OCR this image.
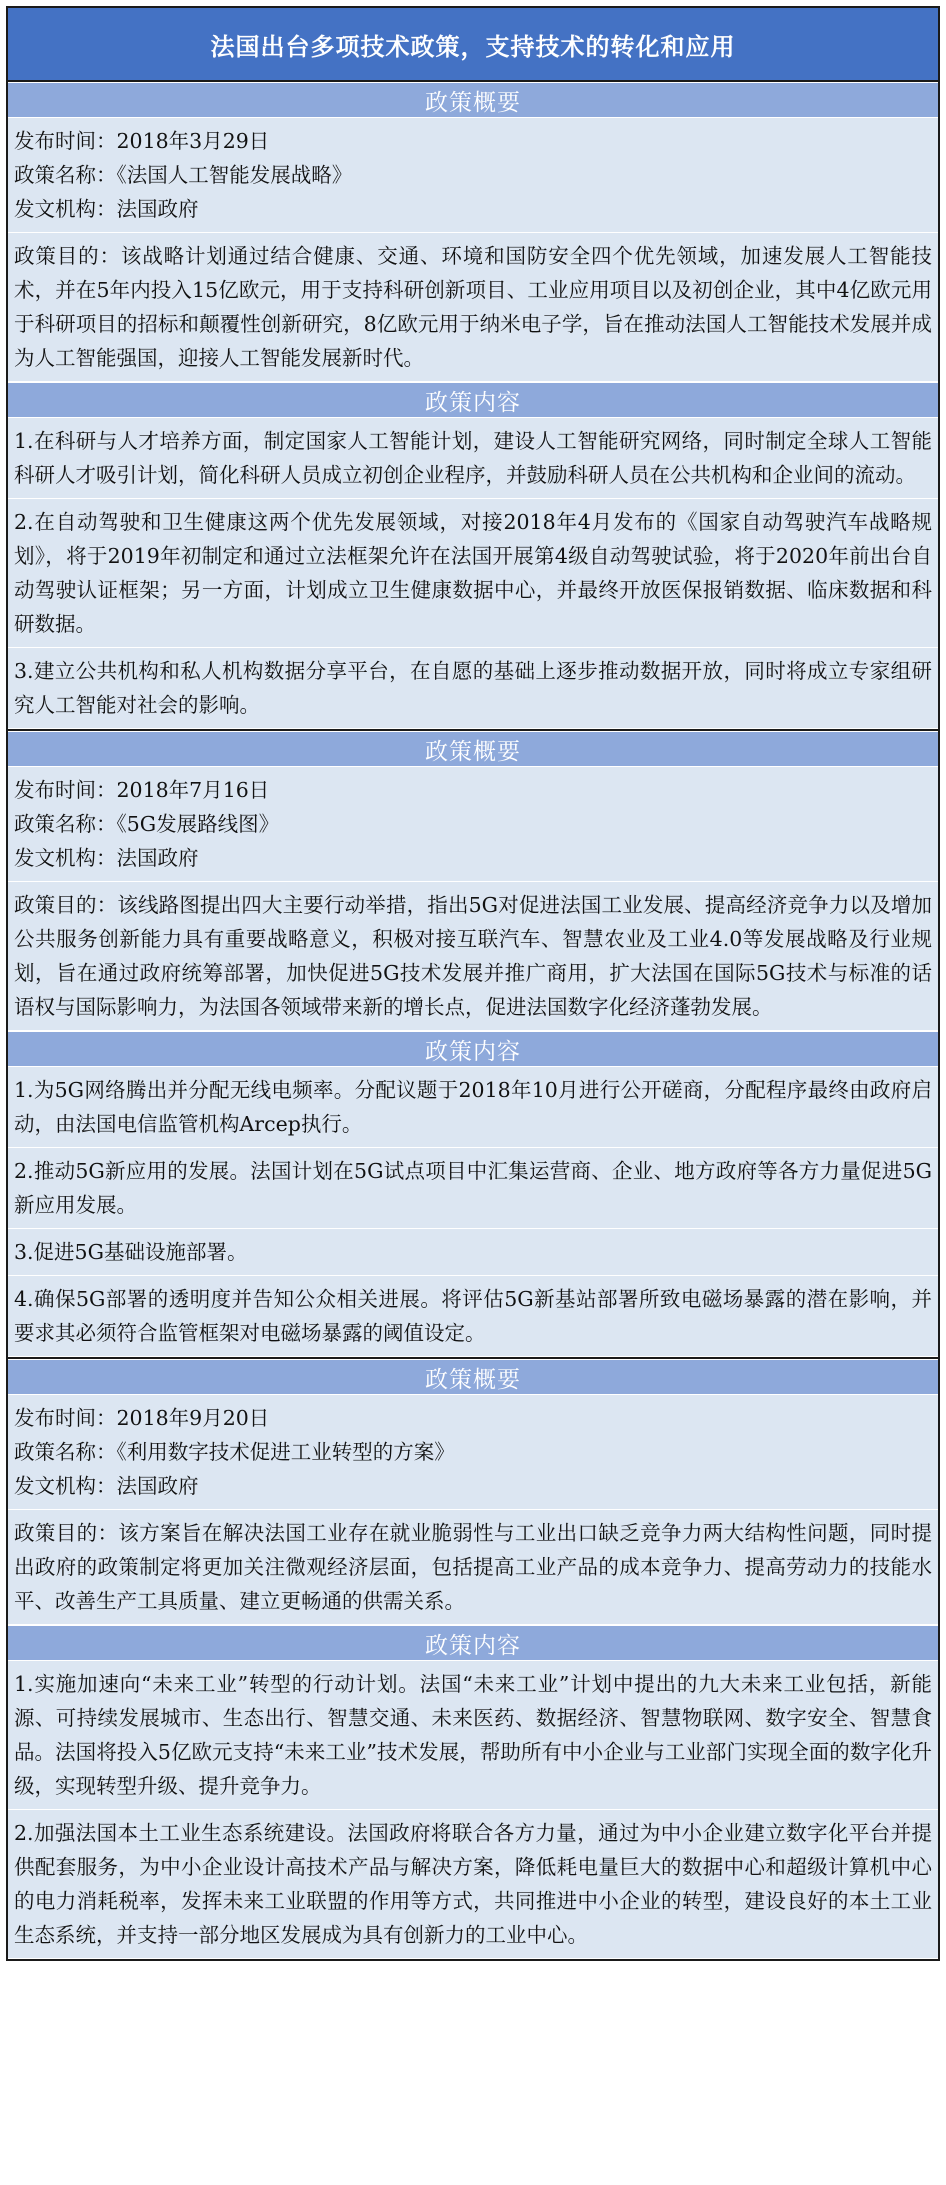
法国出台多项技术政策，支持技术的转化和应用
政策概要
发布时间：2018年3月29日
政策名称：《法国人工智能发展战略》
发文机构：法国政府
政策目的：该战略计划通过结合健康、交通、环境和国防安全四个优先领域，加速发展人工智能技术，并在5年内投入15亿欧元，用于支持科研创新项目、工业应用项目以及初创企业，其中4亿欧元用于科研项目的招标和颠覆性创新研究，8亿欧元用于纳米电子学，旨在推动法国人工智能技术发展并成为人工智能强国，迎接人工智能发展新时代。
政策内容
1.在科研与人才培养方面，制定国家人工智能计划，建设人工智能研究网络，同时制定全球人工智能科研人才吸引计划，简化科研人员成立初创企业程序，并鼓励科研人员在公共机构和企业间的流动。
2.在自动驾驶和卫生健康这两个优先发展领域，对接2018年4月发布的《国家自动驾驶汽车战略规划》，将于2019年初制定和通过立法框架允许在法国开展第4级自动驾驶试验，将于2020年前出台自动驾驶认证框架；另一方面，计划成立卫生健康数据中心，并最终开放医保报销数据、临床数据和科研数据。
3.建立公共机构和私人机构数据分享平台，在自愿的基础上逐步推动数据开放，同时将成立专家组研究人工智能对社会的影响。
政策概要
发布时间：2018年7月16日
政策名称：《5G发展路线图》
发文机构：法国政府
政策目的：该线路图提出四大主要行动举措，指出5G对促进法国工业发展、提高经济竞争力以及增加公共服务创新能力具有重要战略意义，积极对接互联汽车、智慧农业及工业4.0等发展战略及行业规划，旨在通过政府统筹部署，加快促进5G技术发展并推广商用，扩大法国在国际5G技术与标准的话语权与国际影响力，为法国各领域带来新的增长点，促进法国数字化经济蓬勃发展。
政策内容
1.为5G网络腾出并分配无线电频率。分配议题于2018年10月进行公开磋商，分配程序最终由政府启动，由法国电信监管机构Arcep执行。
2.推动5G新应用的发展。法国计划在5G试点项目中汇集运营商、企业、地方政府等各方力量促进5G新应用发展。
3.促进5G基础设施部署。
4.确保5G部署的透明度并告知公众相关进展。将评估5G新基站部署所致电磁场暴露的潜在影响，并要求其必须符合监管框架对电磁场暴露的阈值设定。
政策概要
发布时间：2018年9月20日
政策名称：《利用数字技术促进工业转型的方案》
发文机构：法国政府
政策目的：该方案旨在解决法国工业存在就业脆弱性与工业出口缺乏竞争力两大结构性问题，同时提出政府的政策制定将更加关注微观经济层面，包括提高工业产品的成本竞争力、提高劳动力的技能水平、改善生产工具质量、建立更畅通的供需关系。
政策内容
1.实施加速向“未来工业”转型的行动计划。法国“未来工业”计划中提出的九大未来工业包括，新能源、可持续发展城市、生态出行、智慧交通、未来医药、数据经济、智慧物联网、数字安全、智慧食品。法国将投入5亿欧元支持“未来工业”技术发展，帮助所有中小企业与工业部门实现全面的数字化升级，实现转型升级、提升竞争力。
2.加强法国本土工业生态系统建设。法国政府将联合各方力量，通过为中小企业建立数字化平台并提供配套服务，为中小企业设计高技术产品与解决方案，降低耗电量巨大的数据中心和超级计算机中心的电力消耗税率，发挥未来工业联盟的作用等方式，共同推进中小企业的转型，建设良好的本土工业生态系统，并支持一部分地区发展成为具有创新力的工业中心。
